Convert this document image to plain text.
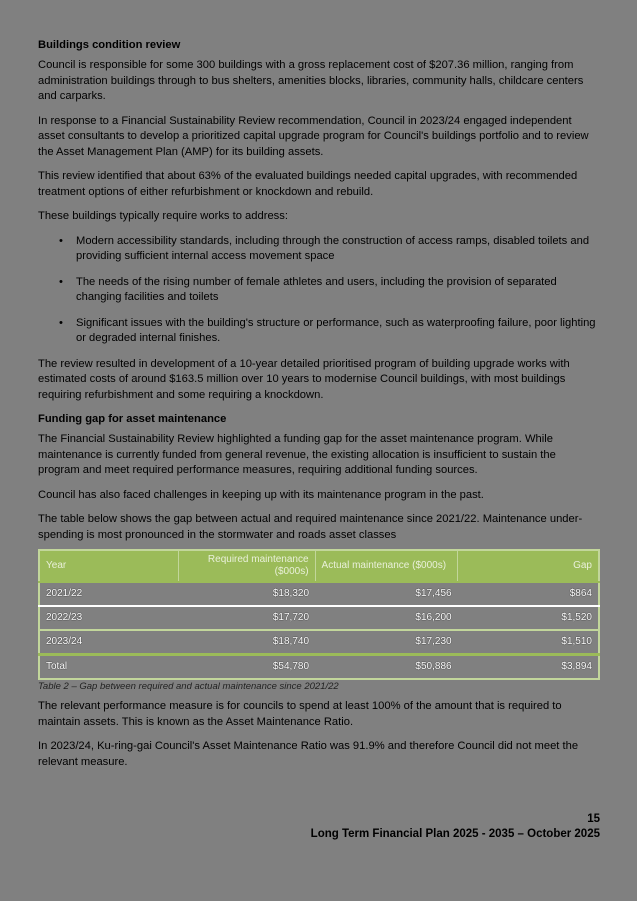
Buildings condition review

Council is responsible for some 300 buildings with a gross replacement cost of $207.36 million, ranging from administration buildings through to bus shelters, amenities blocks, libraries, community halls, childcare centers and carparks.

In response to a Financial Sustainability Review recommendation, Council in 2023/24 engaged independent asset consultants to develop a prioritized capital upgrade program for Council's buildings portfolio and to review the Asset Management Plan (AMP) for its building assets.

This review identified that about 63% of the evaluated buildings needed capital upgrades, with recommended treatment options of either refurbishment or knockdown and rebuild.

These buildings typically require works to address:

• Modern accessibility standards, including through the construction of access ramps, disabled toilets and providing sufficient internal access movement space
• The needs of the rising number of female athletes and users, including the provision of separated changing facilities and toilets
• Significant issues with the building's structure or performance, such as waterproofing failure, poor lighting or degraded internal finishes.

The review resulted in development of a 10-year detailed prioritised program of building upgrade works with estimated costs of around $163.5 million over 10 years to modernise Council buildings, with most buildings requiring refurbishment and some requiring a knockdown.

Funding gap for asset maintenance

The Financial Sustainability Review highlighted a funding gap for the asset maintenance program. While maintenance is currently funded from general revenue, the existing allocation is insufficient to sustain the program and meet required performance measures, requiring additional funding sources.

Council has also faced challenges in keeping up with its maintenance program in the past.

The table below shows the gap between actual and required maintenance since 2021/22. Maintenance under-spending is most pronounced in the stormwater and roads asset classes

Year	Required maintenance ($000s)	Actual maintenance ($000s)	Gap
2021/22	$18,320	$17,456	$864
2022/23	$17,720	$16,200	$1,520
2023/24	$18,740	$17,230	$1,510
Total	$54,780	$50,886	$3,894
Table 2 – Gap between required and actual maintenance since 2021/22

The relevant performance measure is for councils to spend at least 100% of the amount that is required to maintain assets. This is known as the Asset Maintenance Ratio.

In 2023/24, Ku-ring-gai Council's Asset Maintenance Ratio was 91.9% and therefore Council did not meet the relevant measure.

15
Long Term Financial Plan 2025 - 2035 – October 2025
